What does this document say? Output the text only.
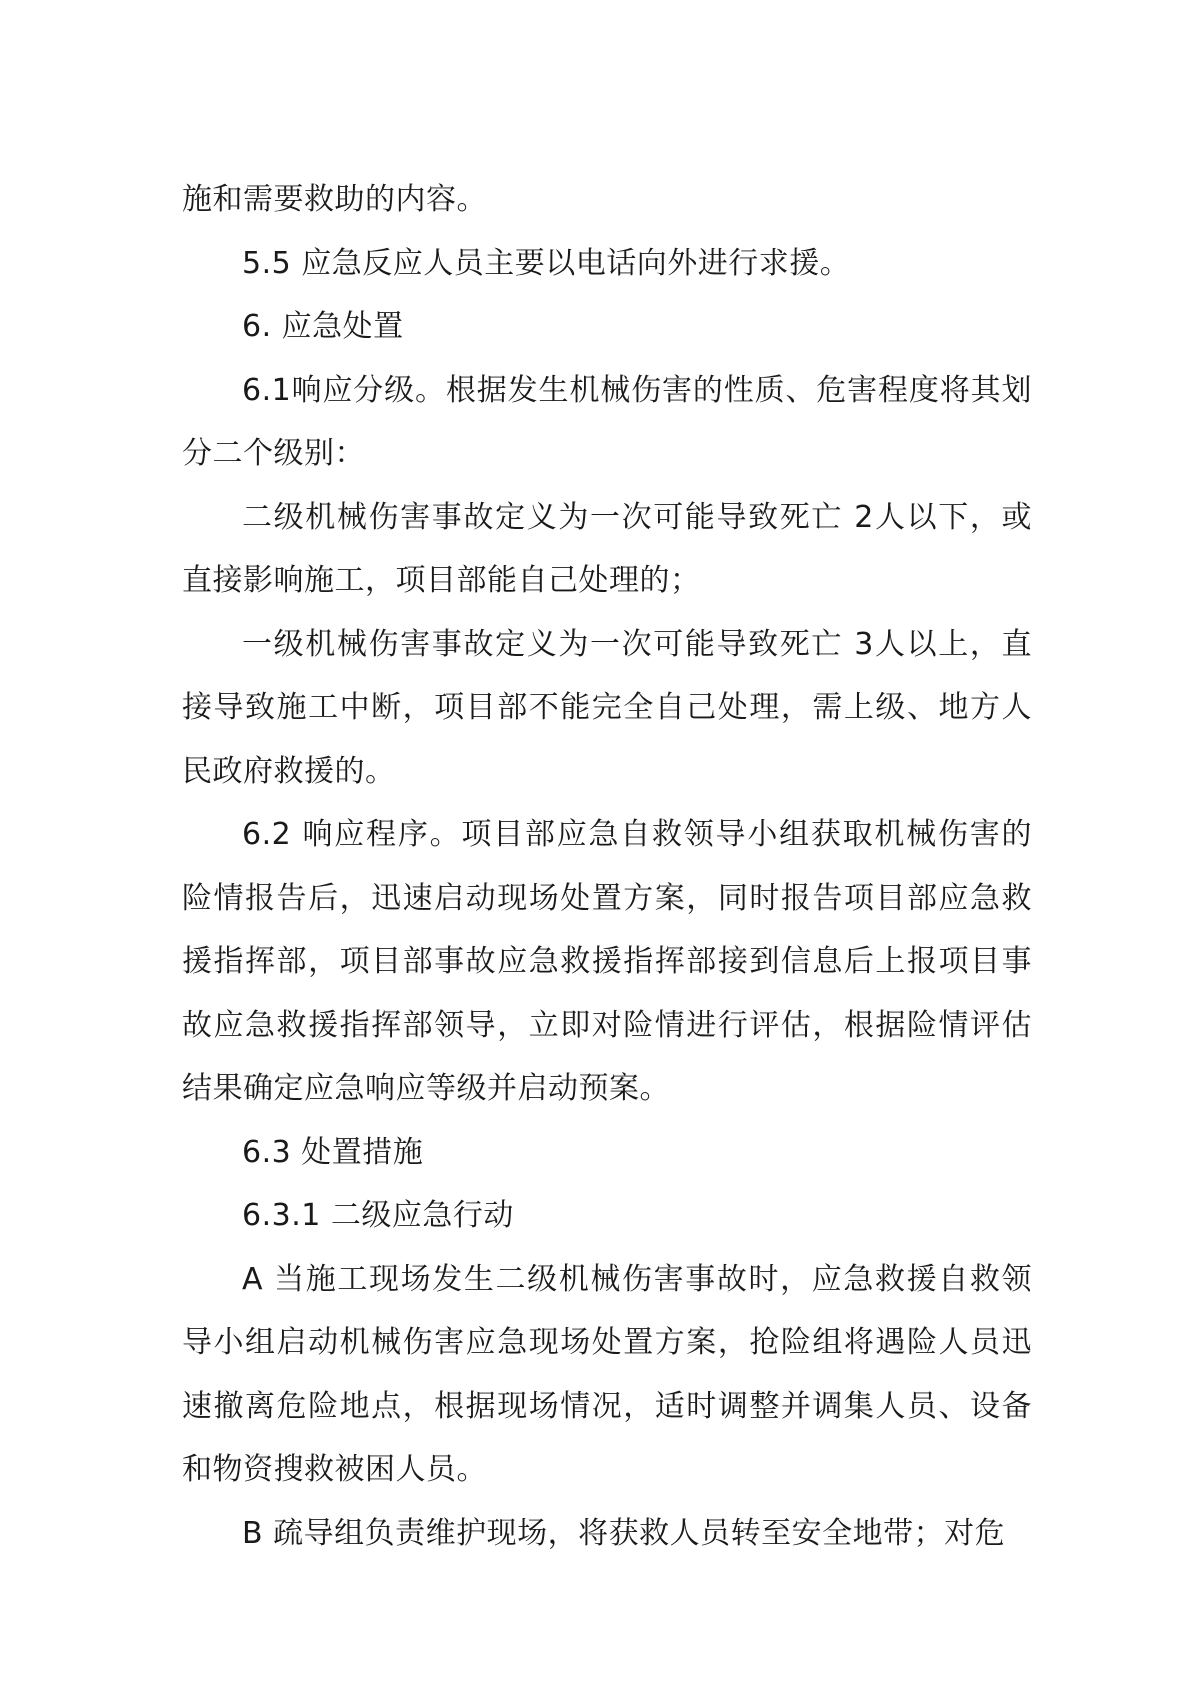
施和需要救助的内容。

5.5 应急反应人员主要以电话向外进行求援。

6. 应急处置

6.1响应分级。根据发生机械伤害的性质、危害程度将其划分二个级别：

二级机械伤害事故定义为一次可能导致死亡 2人以下，或直接影响施工，项目部能自己处理的；

一级机械伤害事故定义为一次可能导致死亡 3人以上，直接导致施工中断，项目部不能完全自己处理，需上级、地方人民政府救援的。

6.2 响应程序。项目部应急自救领导小组获取机械伤害的险情报告后，迅速启动现场处置方案，同时报告项目部应急救援指挥部，项目部事故应急救援指挥部接到信息后上报项目事故应急救援指挥部领导，立即对险情进行评估，根据险情评估结果确定应急响应等级并启动预案。

6.3 处置措施

6.3.1 二级应急行动

A 当施工现场发生二级机械伤害事故时，应急救援自救领导小组启动机械伤害应急现场处置方案，抢险组将遇险人员迅速撤离危险地点，根据现场情况，适时调整并调集人员、设备和物资搜救被困人员。

B 疏导组负责维护现场，将获救人员转至安全地带；对危
